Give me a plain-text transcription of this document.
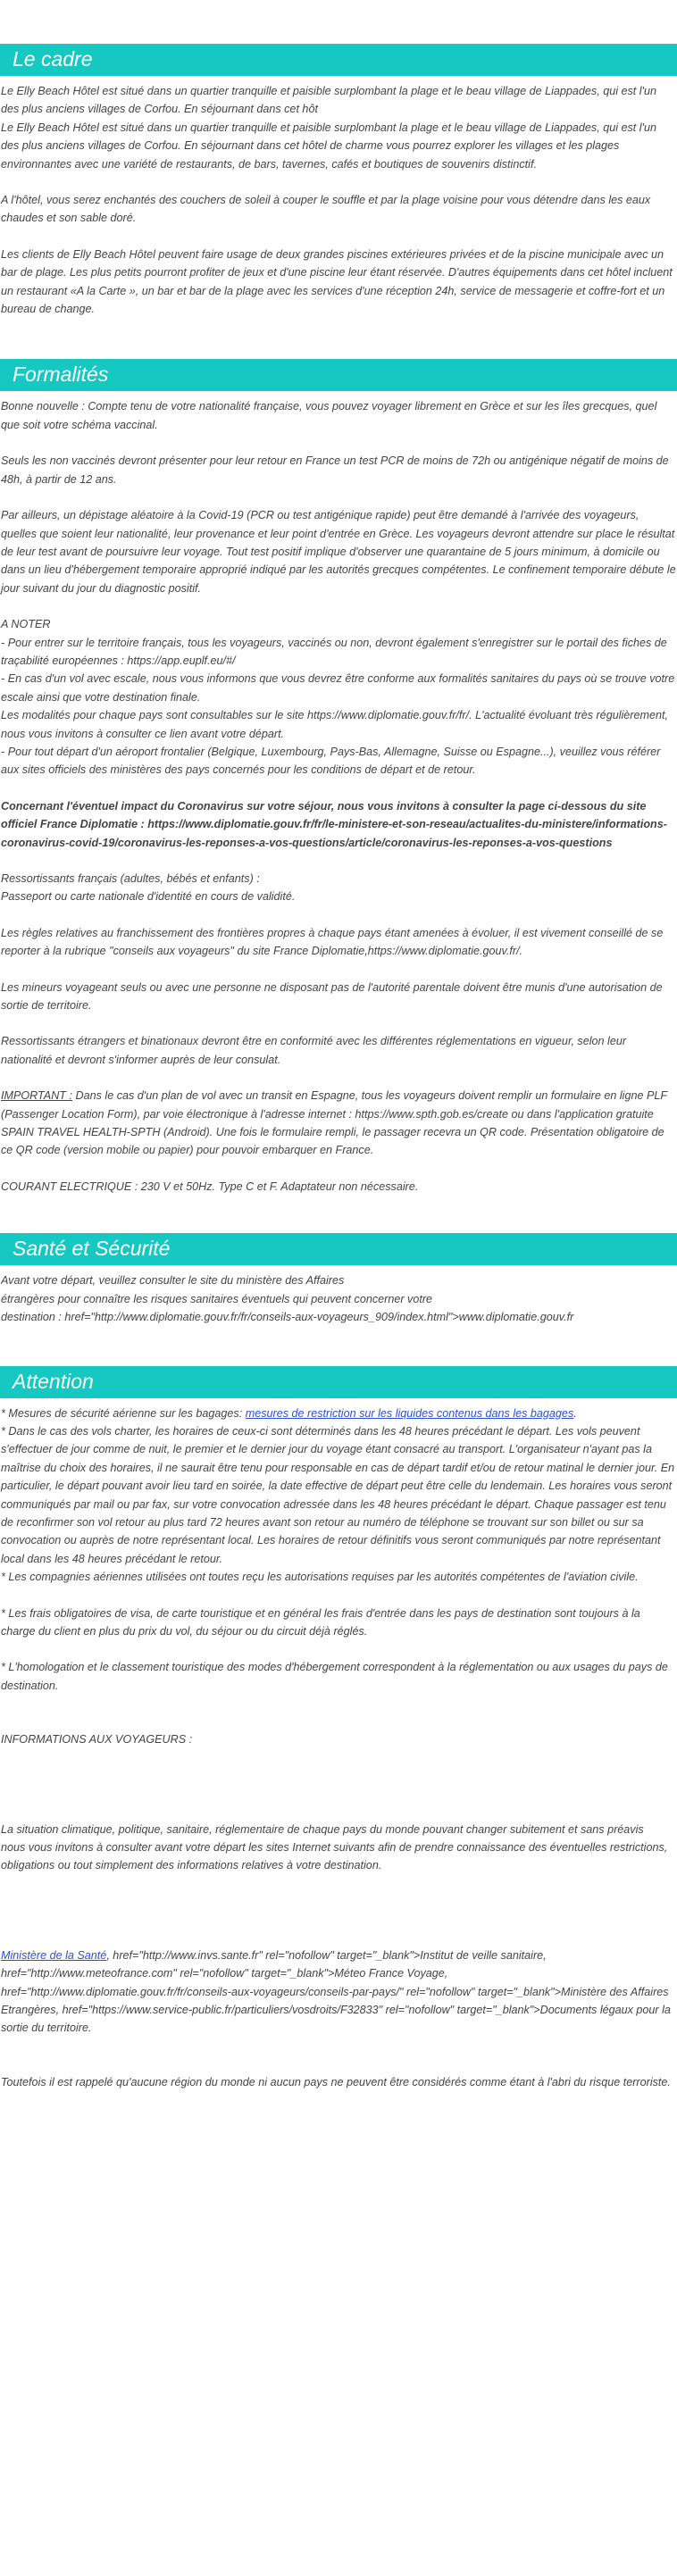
Le cadre

Le Elly Beach Hôtel est situé dans un quartier tranquille et paisible surplombant la plage et le beau village de Liappades, qui est l'un des plus anciens villages de Corfou. En séjournant dans cet hôt

Le Elly Beach Hôtel est situé dans un quartier tranquille et paisible surplombant la plage et le beau village de Liappades, qui est l'un des plus anciens villages de Corfou. En séjournant dans cet hôtel de charme vous pourrez explorer les villages et les plages environnantes avec une variété de restaurants, de bars, tavernes, cafés et boutiques de souvenirs distinctif.

A l'hôtel, vous serez enchantés des couchers de soleil à couper le souffle et par la plage voisine pour vous détendre dans les eaux chaudes et son sable doré.

Les clients de Elly Beach Hôtel peuvent faire usage de deux grandes piscines extérieures privées et de la piscine municipale avec un bar de plage. Les plus petits pourront profiter de jeux et d'une piscine leur étant réservée. D'autres équipements dans cet hôtel incluent un restaurant «A la Carte », un bar et bar de la plage avec les services d'une réception 24h, service de messagerie et coffre-fort et un bureau de change.

Formalités

Bonne nouvelle : Compte tenu de votre nationalité française, vous pouvez voyager librement en Grèce et sur les îles grecques, quel que soit votre schéma vaccinal.

Seuls les non vaccinés devront présenter pour leur retour en France un test PCR de moins de 72h ou antigénique négatif de moins de 48h, à partir de 12 ans.

Par ailleurs, un dépistage aléatoire à la Covid-19 (PCR ou test antigénique rapide) peut être demandé à l'arrivée des voyageurs, quelles que soient leur nationalité, leur provenance et leur point d'entrée en Grèce. Les voyageurs devront attendre sur place le résultat de leur test avant de poursuivre leur voyage. Tout test positif implique d'observer une quarantaine de 5 jours minimum, à domicile ou dans un lieu d'hébergement temporaire approprié indiqué par les autorités grecques compétentes. Le confinement temporaire débute le jour suivant du jour du diagnostic positif.

A NOTER

- Pour entrer sur le territoire français, tous les voyageurs, vaccinés ou non, devront également s'enregistrer sur le portail des fiches de traçabilité européennes : https://app.euplf.eu/#/

- En cas d'un vol avec escale, nous vous informons que vous devrez être conforme aux formalités sanitaires du pays où se trouve votre escale ainsi que votre destination finale.

Les modalités pour chaque pays sont consultables sur le site https://www.diplomatie.gouv.fr/fr/. L'actualité évoluant très régulièrement, nous vous invitons à consulter ce lien avant votre départ.

- Pour tout départ d'un aéroport frontalier (Belgique, Luxembourg, Pays-Bas, Allemagne, Suisse ou Espagne...), veuillez vous référer aux sites officiels des ministères des pays concernés pour les conditions de départ et de retour.

Concernant l'éventuel impact du Coronavirus sur votre séjour, nous vous invitons à consulter la page ci-dessous du site officiel France Diplomatie : https://www.diplomatie.gouv.fr/fr/le-ministere-et-son-reseau/actualites-du-ministere/informations-coronavirus-covid-19/coronavirus-les-reponses-a-vos-questions/article/coronavirus-les-reponses-a-vos-questions

Ressortissants français (adultes, bébés et enfants) :

Passeport ou carte nationale d'identité en cours de validité.

Les règles relatives au franchissement des frontières propres à chaque pays étant amenées à évoluer, il est vivement conseillé de se reporter à la rubrique "conseils aux voyageurs" du site France Diplomatie,https://www.diplomatie.gouv.fr/.

Les mineurs voyageant seuls ou avec une personne ne disposant pas de l'autorité parentale doivent être munis d'une autorisation de sortie de territoire.

Ressortissants étrangers et binationaux devront être en conformité avec les différentes réglementations en vigueur, selon leur nationalité et devront s'informer auprès de leur consulat.

IMPORTANT : Dans le cas d'un plan de vol avec un transit en Espagne, tous les voyageurs doivent remplir un formulaire en ligne PLF (Passenger Location Form), par voie électronique à l'adresse internet : https://www.spth.gob.es/create ou dans l'application gratuite SPAIN TRAVEL HEALTH-SPTH (Android). Une fois le formulaire rempli, le passager recevra un QR code. Présentation obligatoire de ce QR code (version mobile ou papier) pour pouvoir embarquer en France.

COURANT ELECTRIQUE : 230 V et 50Hz. Type C et F. Adaptateur non nécessaire.

Santé et Sécurité

Avant votre départ, veuillez consulter le site du ministère des Affaires

étrangères pour connaître les risques sanitaires éventuels qui peuvent concerner votre

destination : href="http://www.diplomatie.gouv.fr/fr/conseils-aux-voyageurs_909/index.html">www.diplomatie.gouv.fr

Attention

* Mesures de sécurité aérienne sur les bagages: mesures de restriction sur les liquides contenus dans les bagages.

* Dans le cas des vols charter, les horaires de ceux-ci sont déterminés dans les 48 heures précédant le départ. Les vols peuvent s'effectuer de jour comme de nuit, le premier et le dernier jour du voyage étant consacré au transport. L'organisateur n'ayant pas la maîtrise du choix des horaires, il ne saurait être tenu pour responsable en cas de départ tardif et/ou de retour matinal le dernier jour. En particulier, le départ pouvant avoir lieu tard en soirée, la date effective de départ peut être celle du lendemain. Les horaires vous seront communiqués par mail ou par fax, sur votre convocation adressée dans les 48 heures précédant le départ. Chaque passager est tenu de reconfirmer son vol retour au plus tard 72 heures avant son retour au numéro de téléphone se trouvant sur son billet ou sur sa convocation ou auprès de notre représentant local. Les horaires de retour définitifs vous seront communiqués par notre représentant local dans les 48 heures précédant le retour.

* Les compagnies aériennes utilisées ont toutes reçu les autorisations requises par les autorités compétentes de l'aviation civile.

* Les frais obligatoires de visa, de carte touristique et en général les frais d'entrée dans les pays de destination sont toujours à la charge du client en plus du prix du vol, du séjour ou du circuit déjà réglés.

* L'homologation et le classement touristique des modes d'hébergement correspondent à la réglementation ou aux usages du pays de destination.

INFORMATIONS AUX VOYAGEURS :

La situation climatique, politique, sanitaire, réglementaire de chaque pays du monde pouvant changer subitement et sans préavis

nous vous invitons à consulter avant votre départ les sites Internet suivants afin de prendre connaissance des éventuelles restrictions, obligations ou tout simplement des informations relatives à votre destination.

Ministère de la Santé, href="http://www.invs.sante.fr" rel="nofollow" target="_blank">Institut de veille sanitaire, href="http://www.meteofrance.com" rel="nofollow" target="_blank">Méteo France Voyage, href="http://www.diplomatie.gouv.fr/fr/conseils-aux-voyageurs/conseils-par-pays/" rel="nofollow" target="_blank">Ministère des Affaires Etrangères, href="https://www.service-public.fr/particuliers/vosdroits/F32833" rel="nofollow" target="_blank">Documents légaux pour la sortie du territoire.

Toutefois il est rappelé qu'aucune région du monde ni aucun pays ne peuvent être considérés comme étant à l'abri du risque terroriste.
